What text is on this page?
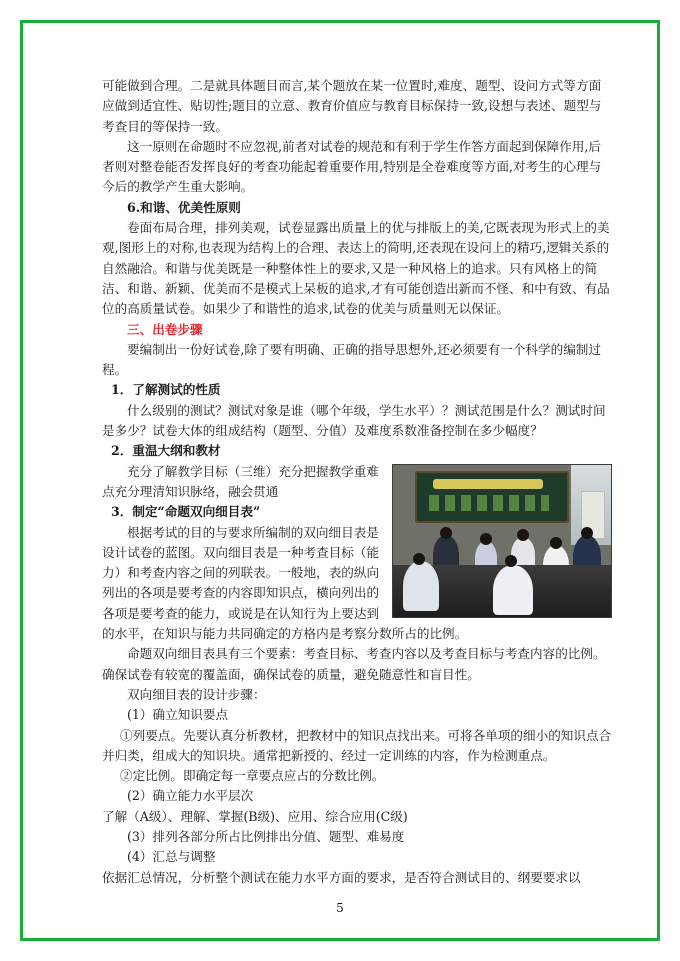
可能做到合理。二是就具体题目而言,某个题放在某一位置时,难度、题型、设问方式等方面应做到适宜性、贴切性;题目的立意、教育价值应与教育目标保持一致,设想与表述、题型与考查目的等保持一致。

这一原则在命题时不应忽视,前者对试卷的规范和有利于学生作答方面起到保障作用,后者则对整卷能否发挥良好的考查功能起着重要作用,特别是全卷难度等方面,对考生的心理与今后的教学产生重大影响。

6.和谐、优美性原则

卷面布局合理，排列美观，试卷显露出质量上的优与排版上的美,它既表现为形式上的美观,图形上的对称,也表现为结构上的合理、表达上的简明,还表现在设问上的精巧,逻辑关系的自然融洽。和谐与优美既是一种整体性上的要求,又是一种风格上的追求。只有风格上的简洁、和谐、新颖、优美而不是模式上呆板的追求,才有可能创造出新而不怪、和中有致、有品位的高质量试卷。如果少了和谐性的追求,试卷的优美与质量则无以保证。

三、出卷步骤

要编制出一份好试卷,除了要有明确、正确的指导思想外,还必须要有一个科学的编制过程。

1．了解测试的性质

什么级别的测试？测试对象是谁（哪个年级，学生水平）？测试范围是什么？测试时间是多少？试卷大体的组成结构（题型、分值）及难度系数准备控制在多少幅度？

2．重温大纲和教材

充分了解教学目标（三维）充分把握教学重难点充分理清知识脉络，融会贯通

3．制定“命题双向细目表”

根据考试的目的与要求所编制的双向细目表是设计试卷的蓝图。双向细目表是一种考查目标（能力）和考查内容之间的列联表。一般地，表的纵向列出的各项是要考查的内容即知识点，横向列出的各项是要考查的能力，或说是在认知行为上要达到的水平，在知识与能力共同确定的方格内是考察分数所占的比例。

命题双向细目表具有三个要素：考查目标、考查内容以及考查目标与考查内容的比例。确保试卷有较宽的覆盖面，确保试卷的质量，避免随意性和盲目性。

双向细目表的设计步骤：

(1）确立知识要点

①列要点。先要认真分析教材，把教材中的知识点找出来。可将各单项的细小的知识点合并归类，组成大的知识块。通常把新授的、经过一定训练的内容，作为检测重点。

②定比例。即确定每一章要点应占的分数比例。

(2）确立能力水平层次

了解（A级）、理解、掌握(B级)、应用、综合应用(C级)

(3）排列各部分所占比例排出分值、题型、难易度

(4）汇总与调整

依据汇总情况，分析整个测试在能力水平方面的要求，是否符合测试目的、纲要要求以

5
